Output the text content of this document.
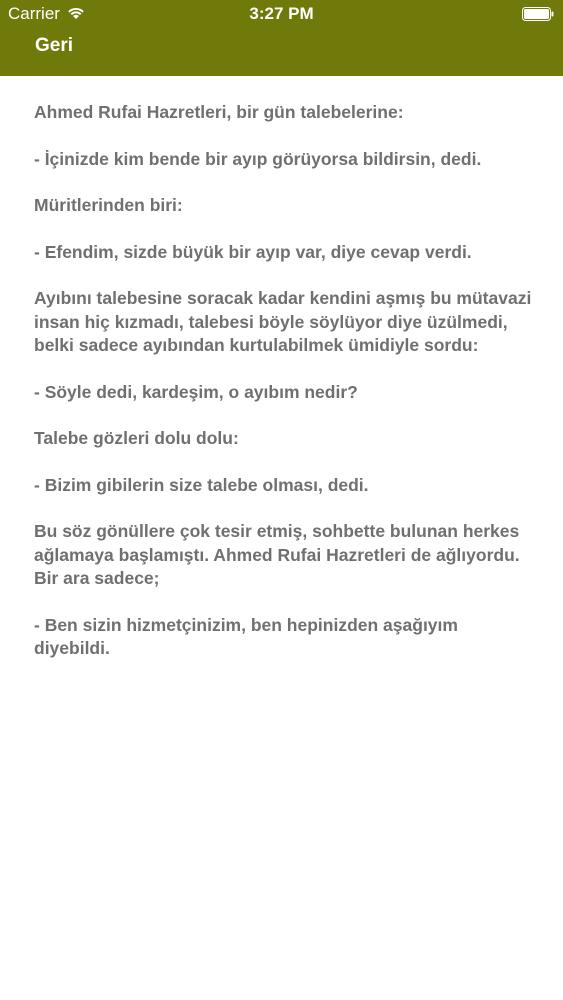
Carrier	3:27 PM
Geri

Ahmed Rufai Hazretleri, bir gün talebelerine:

- İçinizde kim bende bir ayıp görüyorsa bildirsin, dedi.

Müritlerinden biri:

- Efendim, sizde büyük bir ayıp var, diye cevap verdi.

Ayıbını talebesine soracak kadar kendini aşmış bu mütavazi insan hiç kızmadı, talebesi böyle söylüyor diye üzülmedi, belki sadece ayıbından kurtulabilmek ümidiyle sordu:

- Söyle dedi, kardeşim, o ayıbım nedir?

Talebe gözleri dolu dolu:

- Bizim gibilerin size talebe olması, dedi.

Bu söz gönüllere çok tesir etmiş, sohbette bulunan herkes ağlamaya başlamıştı. Ahmed Rufai Hazretleri de ağlıyordu. Bir ara sadece;

- Ben sizin hizmetçinizim, ben hepinizden aşağıyım diyebildi.
